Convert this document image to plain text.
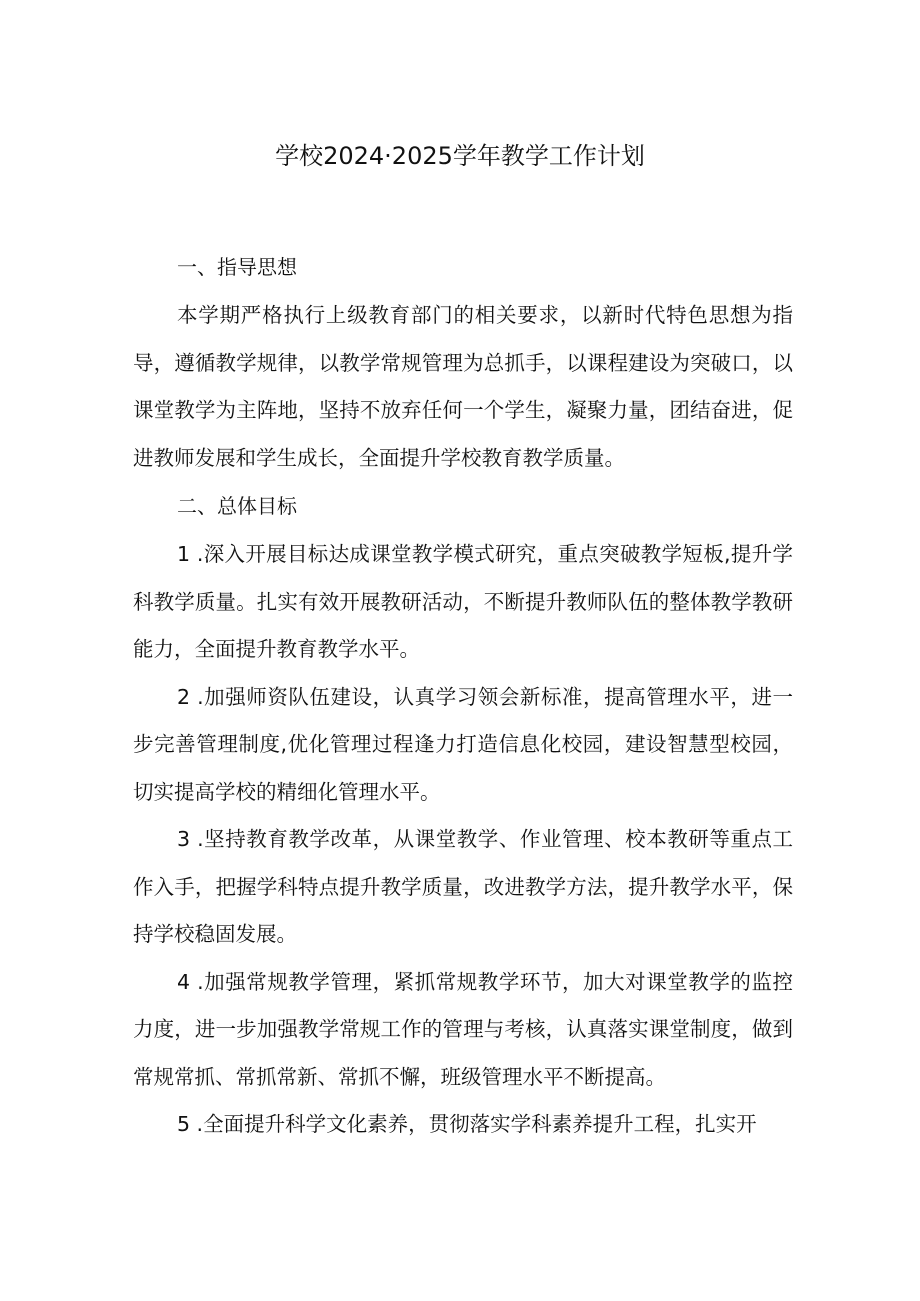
学校2024·2025学年教学工作计划

一、指导思想

本学期严格执行上级教育部门的相关要求，以新时代特色思想为指导，遵循教学规律，以教学常规管理为总抓手，以课程建设为突破口，以课堂教学为主阵地，坚持不放弃任何一个学生，凝聚力量，团结奋进，促进教师发展和学生成长，全面提升学校教育教学质量。

二、总体目标

1 .深入开展目标达成课堂教学模式研究，重点突破教学短板,提升学科教学质量。扎实有效开展教研活动，不断提升教师队伍的整体教学教研能力，全面提升教育教学水平。

2 .加强师资队伍建设，认真学习领会新标准，提高管理水平，进一步完善管理制度,优化管理过程逢力打造信息化校园，建设智慧型校园，切实提高学校的精细化管理水平。

3 .坚持教育教学改革，从课堂教学、作业管理、校本教研等重点工作入手，把握学科特点提升教学质量，改进教学方法，提升教学水平，保持学校稳固发展。

4 .加强常规教学管理，紧抓常规教学环节，加大对课堂教学的监控力度，进一步加强教学常规工作的管理与考核，认真落实课堂制度，做到常规常抓、常抓常新、常抓不懈，班级管理水平不断提高。

5 .全面提升科学文化素养，贯彻落实学科素养提升工程，扎实开
